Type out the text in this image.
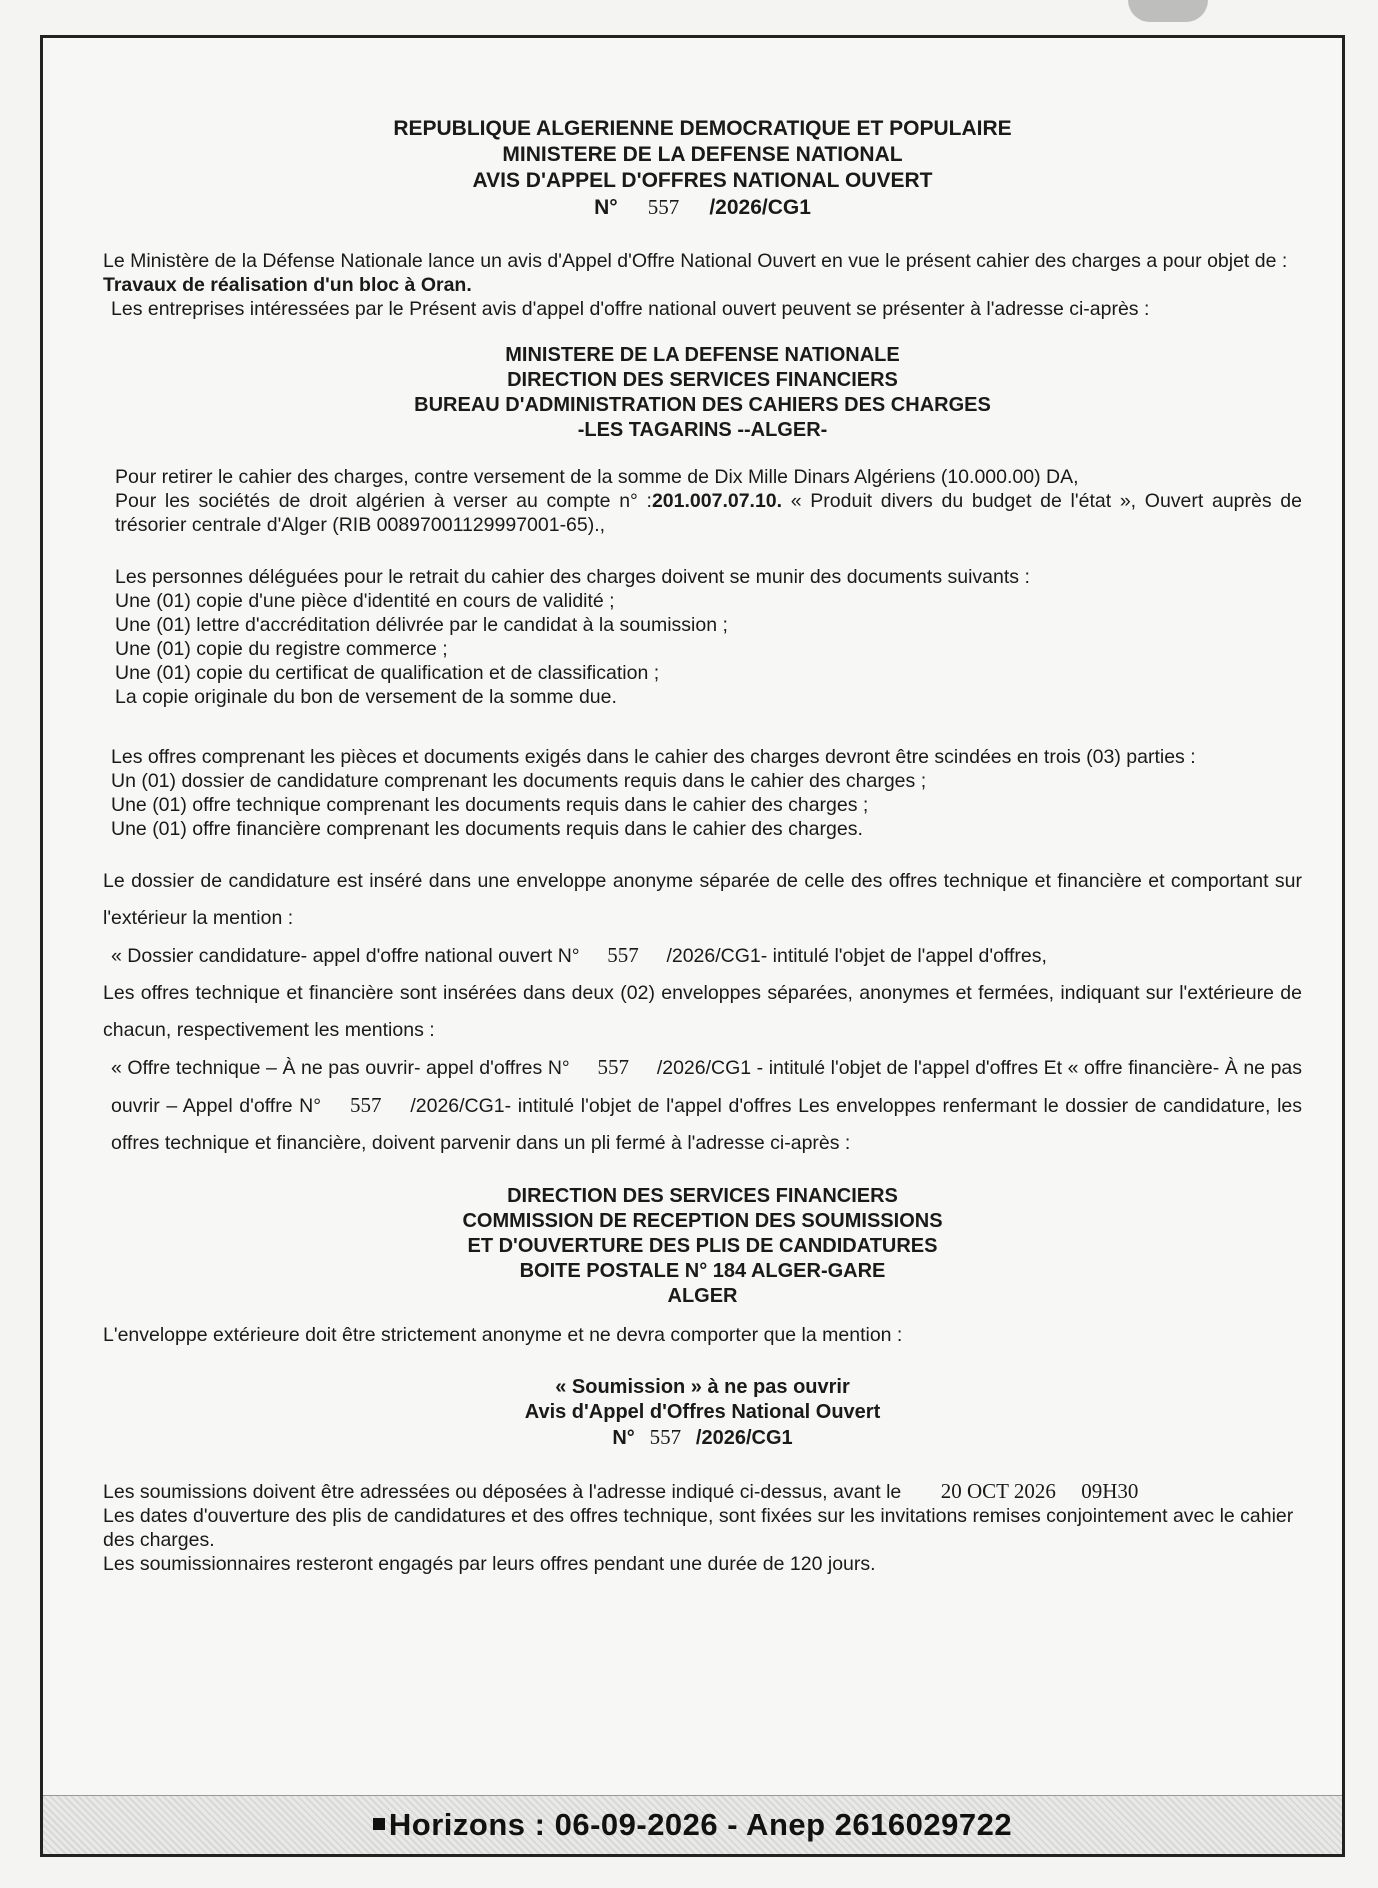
REPUBLIQUE ALGERIENNE DEMOCRATIQUE ET POPULAIRE
MINISTERE DE LA DEFENSE NATIONAL
AVIS D'APPEL D'OFFRES NATIONAL OUVERT
N° 557 /2026/CG1
Le Ministère de la Défense Nationale lance un avis d'Appel d'Offre National Ouvert en vue le présent cahier des charges a pour objet de : Travaux de réalisation d'un bloc à Oran.
Les entreprises intéressées par le Présent avis d'appel d'offre national ouvert peuvent se présenter à l'adresse ci-après :
MINISTERE DE LA DEFENSE NATIONALE
DIRECTION DES SERVICES FINANCIERS
BUREAU D'ADMINISTRATION DES CAHIERS DES CHARGES
-LES TAGARINS --ALGER-
Pour retirer le cahier des charges, contre versement de la somme de Dix Mille Dinars Algériens (10.000.00) DA,
Pour les sociétés de droit algérien à verser au compte n° :201.007.07.10. « Produit divers du budget de l'état », Ouvert auprès de trésorier centrale d'Alger (RIB 00897001129997001-65).,
Les personnes déléguées pour le retrait du cahier des charges doivent se munir des documents suivants :
Une (01) copie d'une pièce d'identité en cours de validité ;
Une (01) lettre d'accréditation délivrée par le candidat à la soumission ;
Une (01) copie du registre commerce ;
Une (01) copie du certificat de qualification et de classification ;
La copie originale du bon de versement de la somme due.
Les offres comprenant les pièces et documents exigés dans le cahier des charges devront être scindées en trois (03) parties :
Un (01) dossier de candidature comprenant les documents requis dans le cahier des charges ;
Une (01) offre technique comprenant les documents requis dans le cahier des charges ;
Une (01) offre financière comprenant les documents requis dans le cahier des charges.
Le dossier de candidature est inséré dans une enveloppe anonyme séparée de celle des offres technique et financière et comportant sur l'extérieur la mention :
« Dossier candidature- appel d'offre national ouvert N° 557 /2026/CG1- intitulé l'objet de l'appel d'offres,
Les offres technique et financière sont insérées dans deux (02) enveloppes séparées, anonymes et fermées, indiquant sur l'extérieure de chacun, respectivement les mentions :
« Offre technique – À ne pas ouvrir- appel d'offres N° 557 /2026/CG1 - intitulé l'objet de l'appel d'offres Et « offre financière- À ne pas ouvrir – Appel d'offre N° 557 /2026/CG1- intitulé l'objet de l'appel d'offres Les enveloppes renfermant le dossier de candidature, les offres technique et financière, doivent parvenir dans un pli fermé à l'adresse ci-après :
DIRECTION DES SERVICES FINANCIERS
COMMISSION DE RECEPTION DES SOUMISSIONS
ET D'OUVERTURE DES PLIS DE CANDIDATURES
BOITE POSTALE N° 184 ALGER-GARE
ALGER
L'enveloppe extérieure doit être strictement anonyme et ne devra comporter que la mention :
« Soumission » à ne pas ouvrir
Avis d'Appel d'Offres National Ouvert
N° 557 /2026/CG1
Les soumissions doivent être adressées ou déposées à l'adresse indiqué ci-dessus, avant le 20 OCT 2026 09H30
Les dates d'ouverture des plis de candidatures et des offres technique, sont fixées sur les invitations remises conjointement avec le cahier des charges.
Les soumissionnaires resteront engagés par leurs offres pendant une durée de 120 jours.
Horizons : 06-09-2026 - Anep 2616029722
